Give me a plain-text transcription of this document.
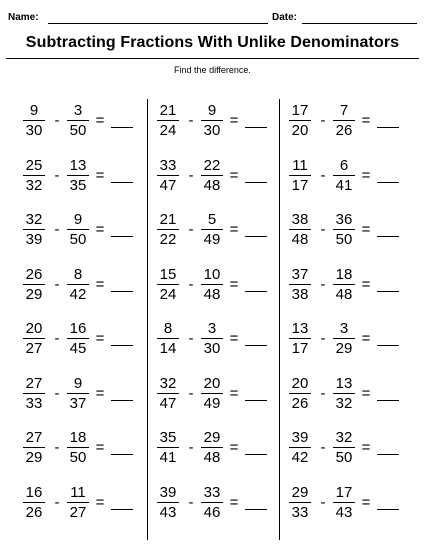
Name:	Date:
Subtracting Fractions With Unlike Denominators
Find the difference.
9
30
-
3
50
=
25
32
-
13
35
=
32
39
-
9
50
=
26
29
-
8
42
=
20
27
-
16
45
=
27
33
-
9
37
=
27
29
-
18
50
=
16
26
-
11
27
=
21
24
-
9
30
=
33
47
-
22
48
=
21
22
-
5
49
=
15
24
-
10
48
=
8
14
-
3
30
=
32
47
-
20
49
=
35
41
-
29
48
=
39
43
-
33
46
=
17
20
-
7
26
=
11
17
-
6
41
=
38
48
-
36
50
=
37
38
-
18
48
=
13
17
-
3
29
=
20
26
-
13
32
=
39
42
-
32
50
=
29
33
-
17
43
=
